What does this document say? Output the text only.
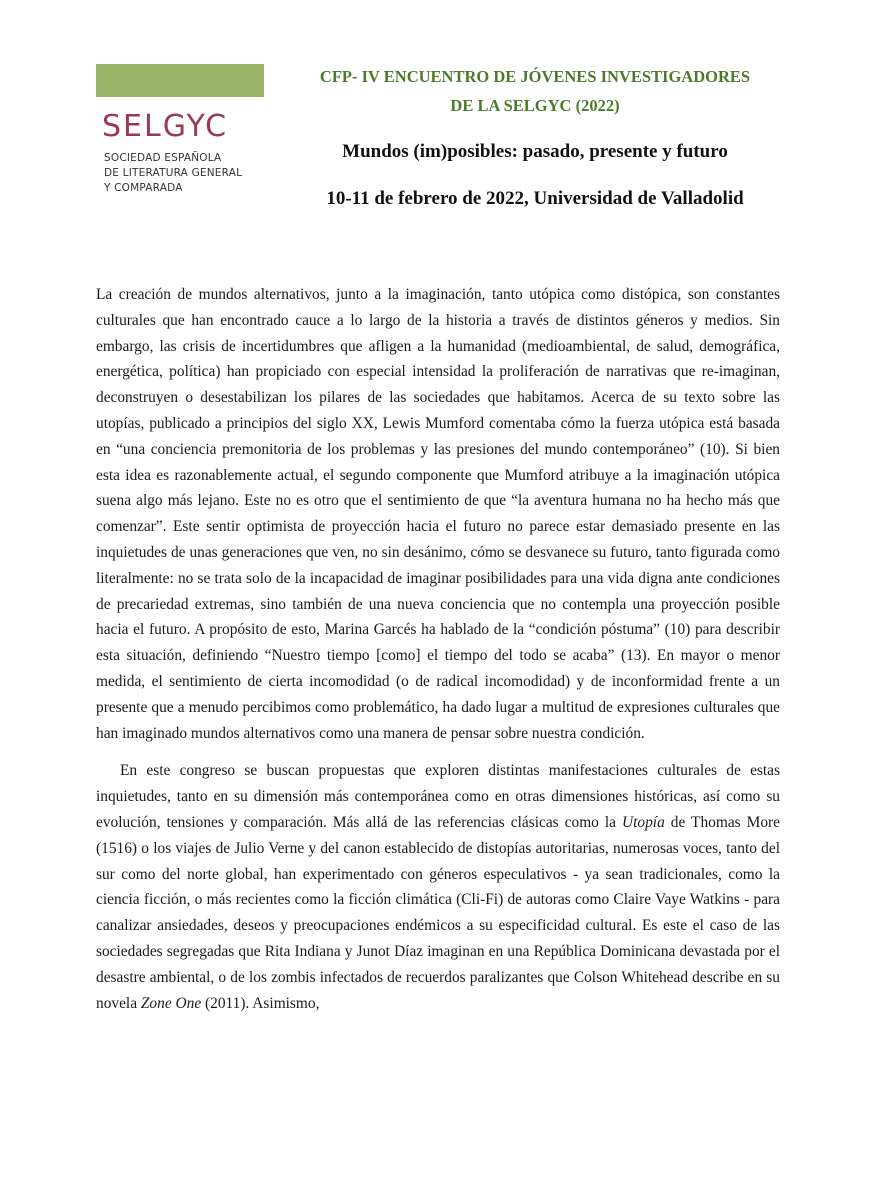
SELGYC
SOCIEDAD ESPAÑOLA
DE LITERATURA GENERAL
Y COMPARADA
CFP- IV ENCUENTRO DE JÓVENES INVESTIGADORES
DE LA SELGYC (2022)
Mundos (im)posibles: pasado, presente y futuro
10-11 de febrero de 2022, Universidad de Valladolid

La creación de mundos alternativos, junto a la imaginación, tanto utópica como distópica, son constantes culturales que han encontrado cauce a lo largo de la historia a través de distintos géneros y medios. Sin embargo, las crisis de incertidumbres que afligen a la humanidad (medioambiental, de salud, demográfica, energética, política) han propiciado con especial intensidad la proliferación de narrativas que re-imaginan, deconstruyen o desestabilizan los pilares de las sociedades que habitamos. Acerca de su texto sobre las utopías, publicado a principios del siglo XX, Lewis Mumford comentaba cómo la fuerza utópica está basada en “una conciencia premonitoria de los problemas y las presiones del mundo contemporáneo” (10). Si bien esta idea es razonablemente actual, el segundo componente que Mumford atribuye a la imaginación utópica suena algo más lejano. Este no es otro que el sentimiento de que “la aventura humana no ha hecho más que comenzar”. Este sentir optimista de proyección hacia el futuro no parece estar demasiado presente en las inquietudes de unas generaciones que ven, no sin desánimo, cómo se desvanece su futuro, tanto figurada como literalmente: no se trata solo de la incapacidad de imaginar posibilidades para una vida digna ante condiciones de precariedad extremas, sino también de una nueva conciencia que no contempla una proyección posible hacia el futuro. A propósito de esto, Marina Garcés ha hablado de la “condición póstuma” (10) para describir esta situación, definiendo “Nuestro tiempo [como] el tiempo del todo se acaba” (13). En mayor o menor medida, el sentimiento de cierta incomodidad (o de radical incomodidad) y de inconformidad frente a un presente que a menudo percibimos como problemático, ha dado lugar a multitud de expresiones culturales que han imaginado mundos alternativos como una manera de pensar sobre nuestra condición.

En este congreso se buscan propuestas que exploren distintas manifestaciones culturales de estas inquietudes, tanto en su dimensión más contemporánea como en otras dimensiones históricas, así como su evolución, tensiones y comparación. Más allá de las referencias clásicas como la Utopía de Thomas More (1516) o los viajes de Julio Verne y del canon establecido de distopías autoritarias, numerosas voces, tanto del sur como del norte global, han experimentado con géneros especulativos - ya sean tradicionales, como la ciencia ficción, o más recientes como la ficción climática (Cli-Fi) de autoras como Claire Vaye Watkins - para canalizar ansiedades, deseos y preocupaciones endémicos a su especificidad cultural. Es este el caso de las sociedades segregadas que Rita Indiana y Junot Díaz imaginan en una República Dominicana devastada por el desastre ambiental, o de los zombis infectados de recuerdos paralizantes que Colson Whitehead describe en su novela Zone One (2011). Asimismo,
